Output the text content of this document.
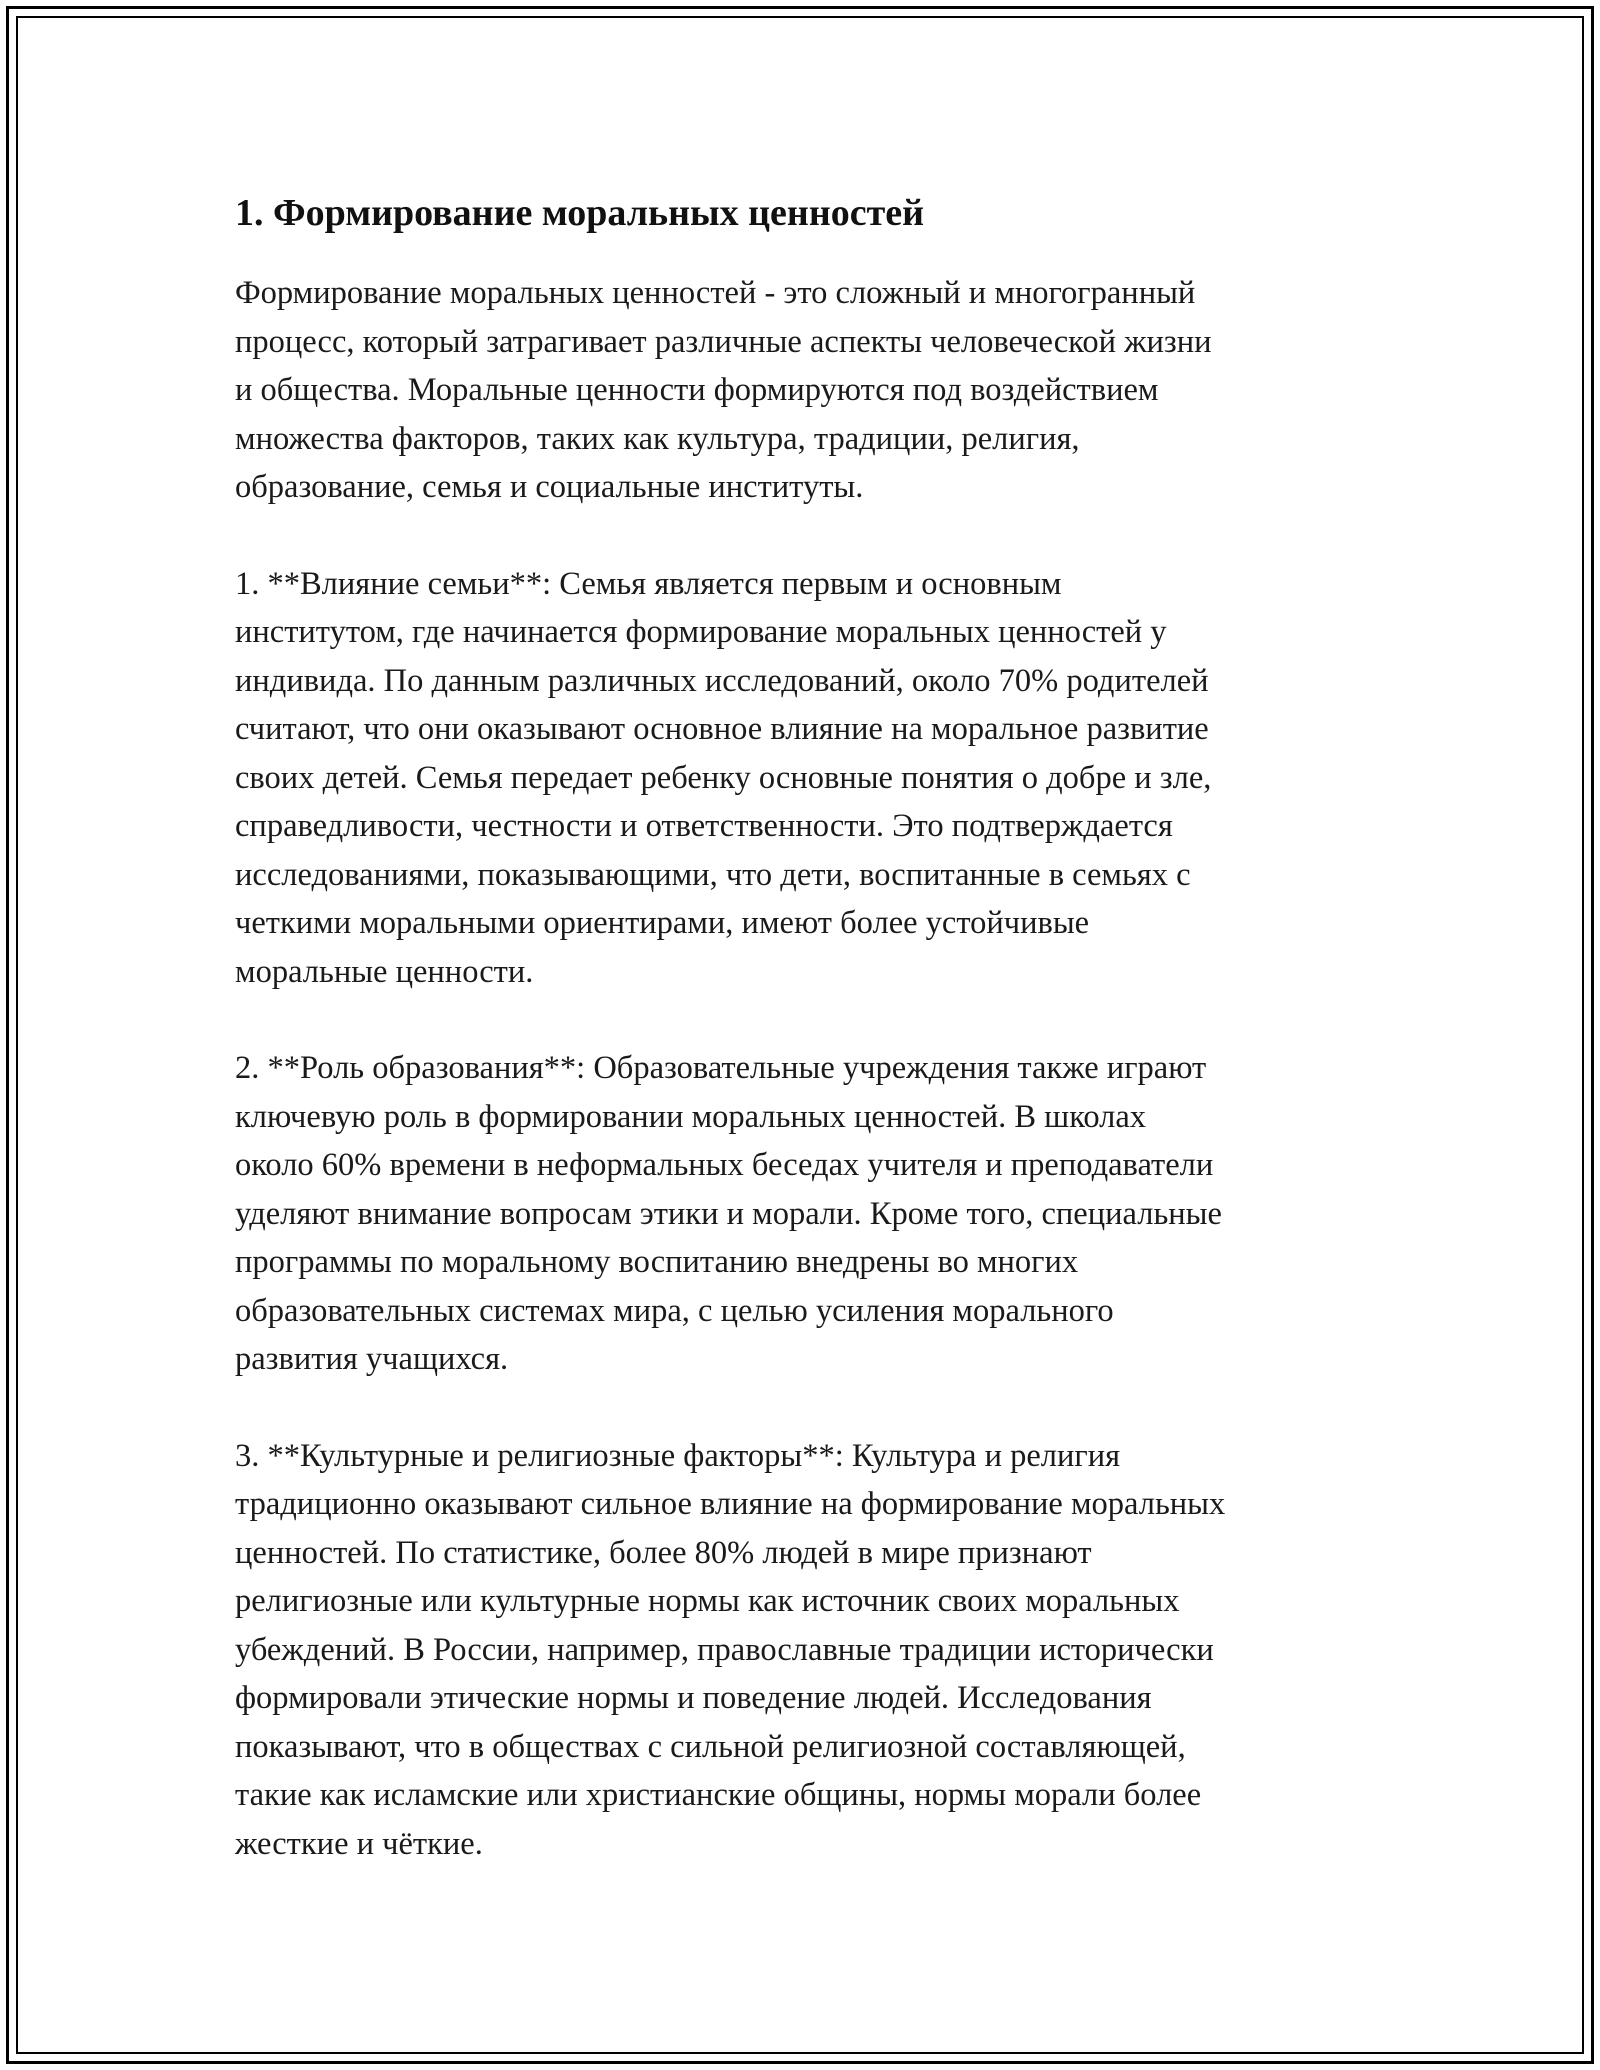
1. Формирование моральных ценностей

Формирование моральных ценностей - это сложный и многогранный
процесс, который затрагивает различные аспекты человеческой жизни
и общества. Моральные ценности формируются под воздействием
множества факторов, таких как культура, традиции, религия,
образование, семья и социальные институты.

1. **Влияние семьи**: Семья является первым и основным
институтом, где начинается формирование моральных ценностей у
индивида. По данным различных исследований, около 70% родителей
считают, что они оказывают основное влияние на моральное развитие
своих детей. Семья передает ребенку основные понятия о добре и зле,
справедливости, честности и ответственности. Это подтверждается
исследованиями, показывающими, что дети, воспитанные в семьях с
четкими моральными ориентирами, имеют более устойчивые
моральные ценности.

2. **Роль образования**: Образовательные учреждения также играют
ключевую роль в формировании моральных ценностей. В школах
около 60% времени в неформальных беседах учителя и преподаватели
уделяют внимание вопросам этики и морали. Кроме того, специальные
программы по моральному воспитанию внедрены во многих
образовательных системах мира, с целью усиления морального
развития учащихся.

3. **Культурные и религиозные факторы**: Культура и религия
традиционно оказывают сильное влияние на формирование моральных
ценностей. По статистике, более 80% людей в мире признают
религиозные или культурные нормы как источник своих моральных
убеждений. В России, например, православные традиции исторически
формировали этические нормы и поведение людей. Исследования
показывают, что в обществах с сильной религиозной составляющей,
такие как исламские или христианские общины, нормы морали более
жесткие и чёткие.
